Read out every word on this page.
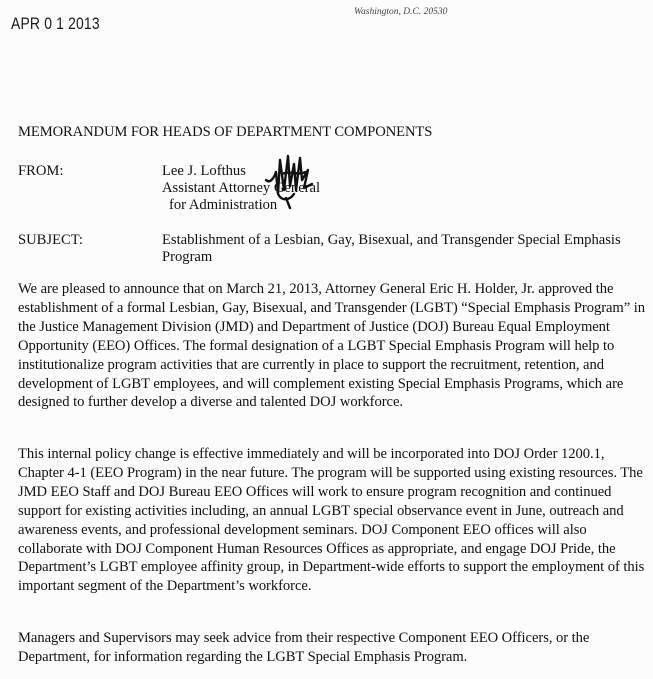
APR 0 1 2013
Washington, D.C. 20530
MEMORANDUM FOR HEADS OF DEPARTMENT COMPONENTS
FROM:	Lee J. Lofthus
Assistant Attorney General
for Administration
SUBJECT:	Establishment of a Lesbian, Gay, Bisexual, and Transgender Special Emphasis Program

We are pleased to announce that on March 21, 2013, Attorney General Eric H. Holder, Jr. approved the establishment of a formal Lesbian, Gay, Bisexual, and Transgender (LGBT) “Special Emphasis Program” in the Justice Management Division (JMD) and Department of Justice (DOJ) Bureau Equal Employment Opportunity (EEO) Offices. The formal designation of a LGBT Special Emphasis Program will help to institutionalize program activities that are currently in place to support the recruitment, retention, and development of LGBT employees, and will complement existing Special Emphasis Programs, which are designed to further develop a diverse and talented DOJ workforce.

This internal policy change is effective immediately and will be incorporated into DOJ Order 1200.1, Chapter 4-1 (EEO Program) in the near future. The program will be supported using existing resources. The JMD EEO Staff and DOJ Bureau EEO Offices will work to ensure program recognition and continued support for existing activities including, an annual LGBT special observance event in June, outreach and awareness events, and professional development seminars. DOJ Component EEO offices will also collaborate with DOJ Component Human Resources Offices as appropriate, and engage DOJ Pride, the Department’s LGBT employee affinity group, in Department-wide efforts to support the employment of this important segment of the Department’s workforce.

Managers and Supervisors may seek advice from their respective Component EEO Officers, or the Department, for information regarding the LGBT Special Emphasis Program.
